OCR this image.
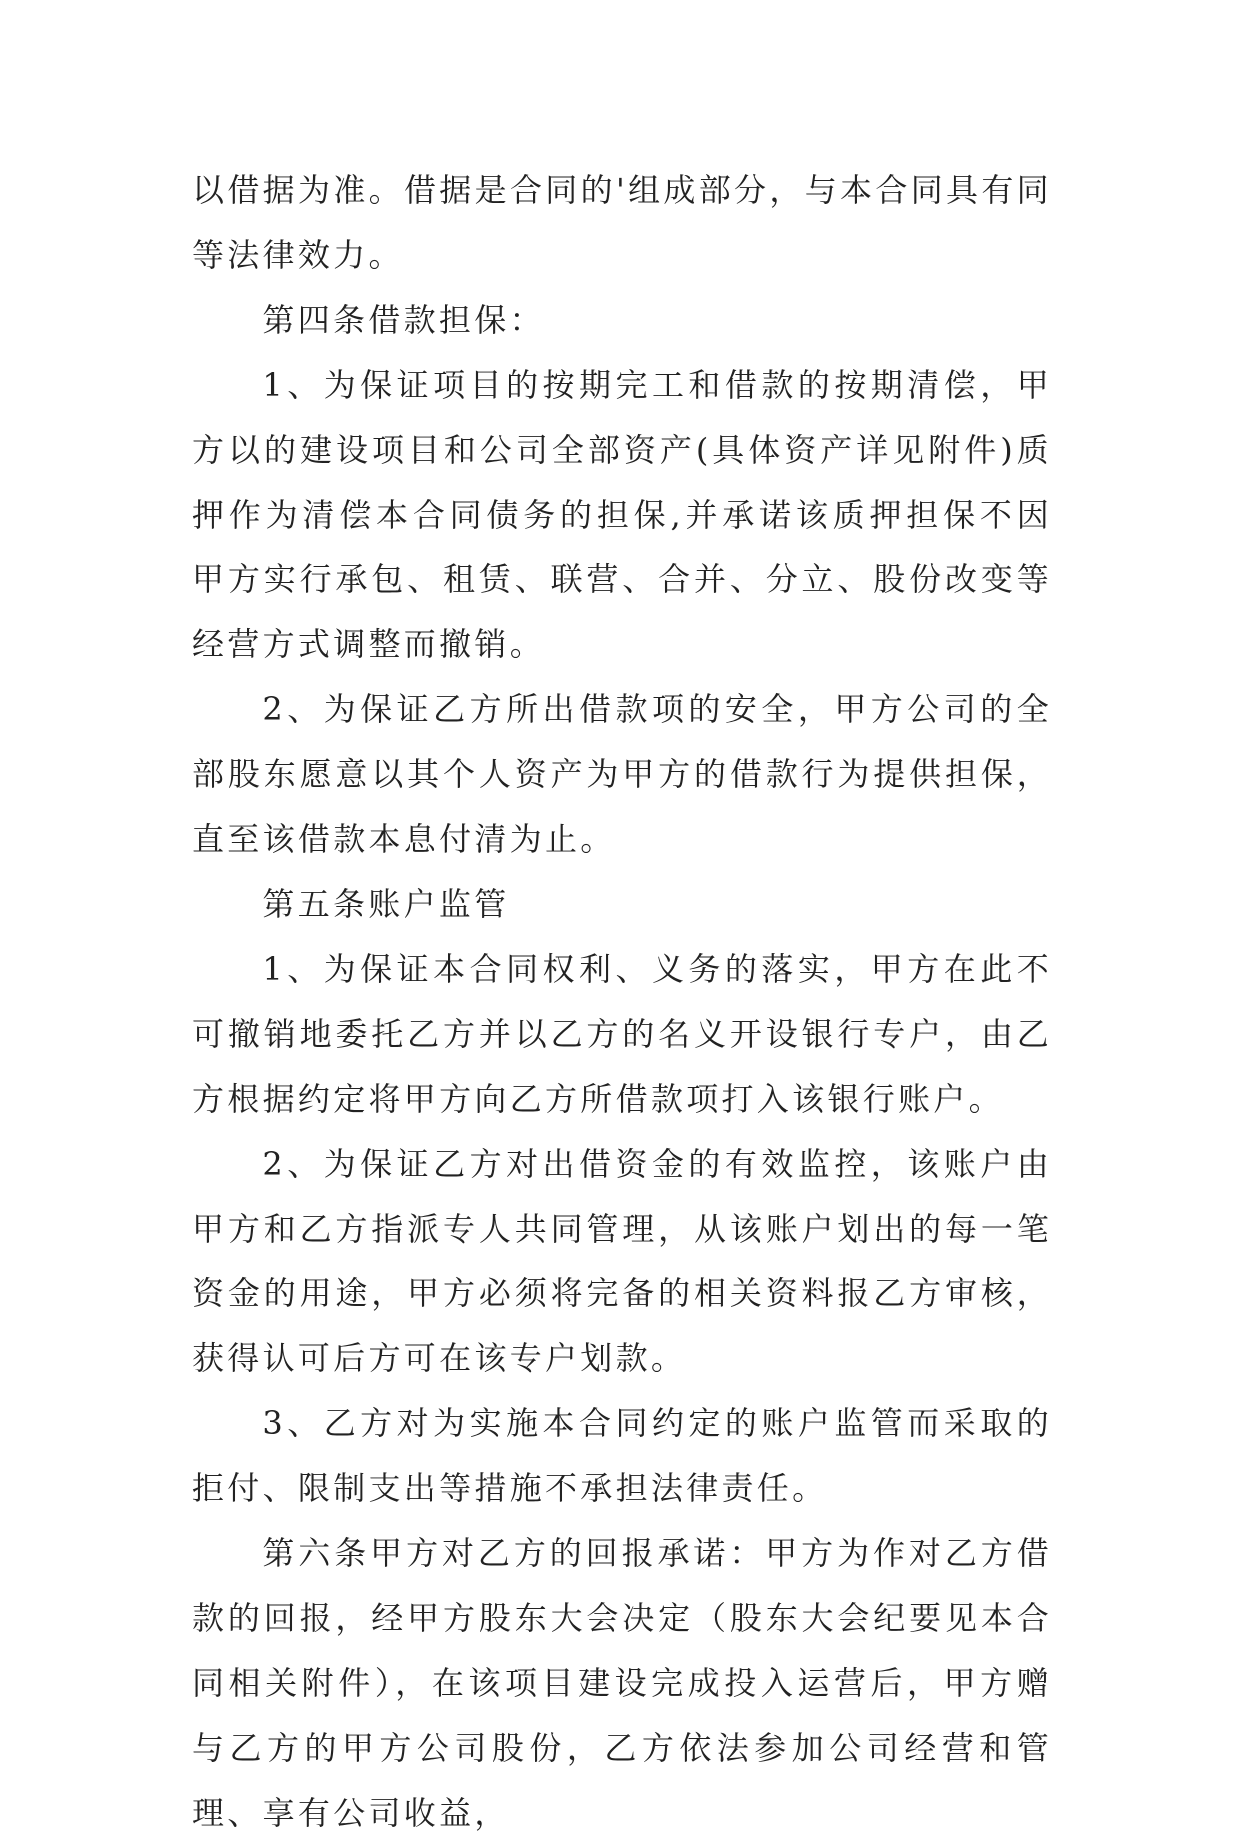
以借据为准。借据是合同的'组成部分，与本合同具有同等法律效力。

第四条借款担保：

1、为保证项目的按期完工和借款的按期清偿，甲方以的建设项目和公司全部资产(具体资产详见附件)质押作为清偿本合同债务的担保,并承诺该质押担保不因甲方实行承包、租赁、联营、合并、分立、股份改变等经营方式调整而撤销。

2、为保证乙方所出借款项的安全，甲方公司的全部股东愿意以其个人资产为甲方的借款行为提供担保，直至该借款本息付清为止。

第五条账户监管

1、为保证本合同权利、义务的落实，甲方在此不可撤销地委托乙方并以乙方的名义开设银行专户，由乙方根据约定将甲方向乙方所借款项打入该银行账户。

2、为保证乙方对出借资金的有效监控，该账户由甲方和乙方指派专人共同管理，从该账户划出的每一笔资金的用途，甲方必须将完备的相关资料报乙方审核，获得认可后方可在该专户划款。

3、乙方对为实施本合同约定的账户监管而采取的拒付、限制支出等措施不承担法律责任。

第六条甲方对乙方的回报承诺：甲方为作对乙方借款的回报，经甲方股东大会决定（股东大会纪要见本合同相关附件），在该项目建设完成投入运营后，甲方赠与乙方的甲方公司股份，乙方依法参加公司经营和管理、享有公司收益，
